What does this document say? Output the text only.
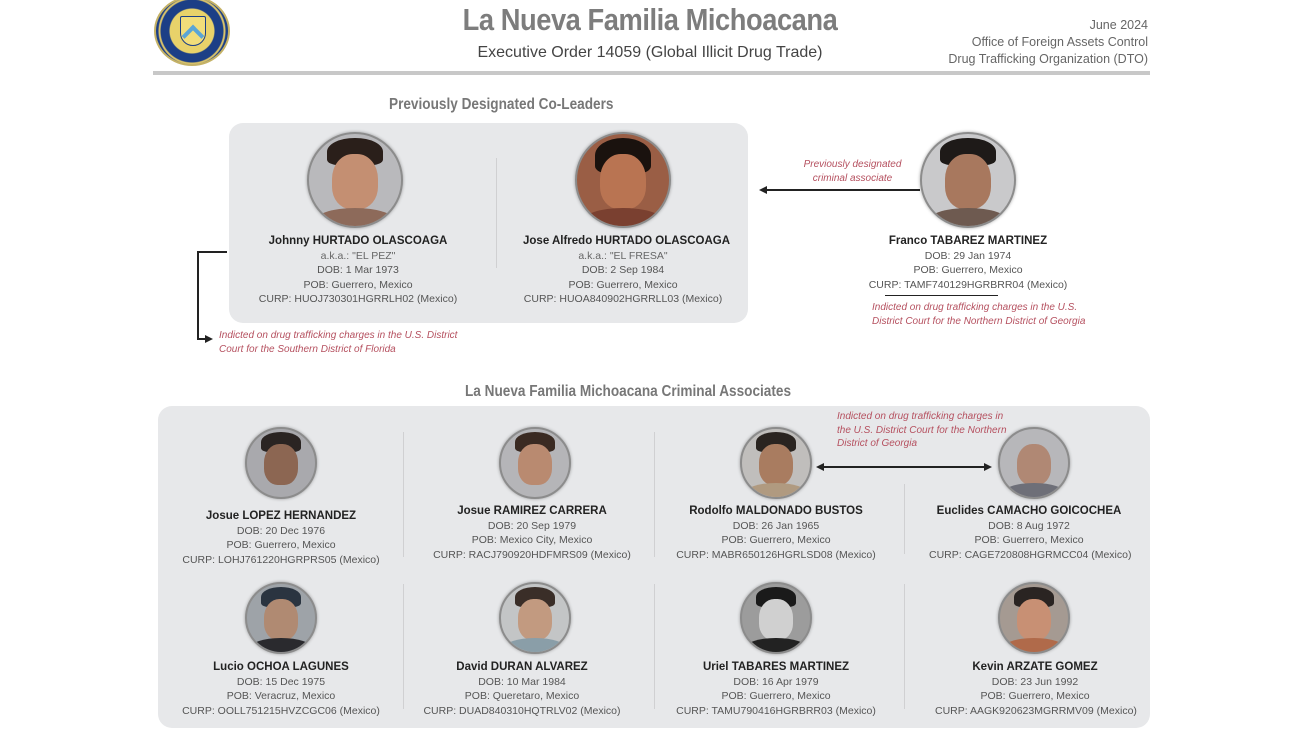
La Nueva Familia Michoacana
Executive Order 14059 (Global Illicit Drug Trade)
June 2024
Office of Foreign Assets Control
Drug Trafficking Organization (DTO)
Previously Designated Co-Leaders
Johnny HURTADO OLASCOAGA
a.k.a.: "EL PEZ"
DOB: 1 Mar 1973
POB: Guerrero, Mexico
CURP: HUOJ730301HGRRLH02 (Mexico)
Jose Alfredo HURTADO OLASCOAGA
a.k.a.: "EL FRESA"
DOB: 2 Sep 1984
POB: Guerrero, Mexico
CURP: HUOA840902HGRRLL03 (Mexico)
Indicted on drug trafficking charges in the U.S. District Court for the Southern District of Florida
Previously designated criminal associate
Franco TABAREZ MARTINEZ
DOB: 29 Jan 1974
POB: Guerrero, Mexico
CURP: TAMF740129HGRBRR04 (Mexico)
Indicted on drug trafficking charges in the U.S. District Court for the Northern District of Georgia
La Nueva Familia Michoacana Criminal Associates
Indicted on drug trafficking charges in the U.S. District Court for the Northern District of Georgia
Josue LOPEZ HERNANDEZ
DOB: 20 Dec 1976
POB: Guerrero, Mexico
CURP: LOHJ761220HGRPRS05 (Mexico)
Josue RAMIREZ CARRERA
DOB: 20 Sep 1979
POB: Mexico City, Mexico
CURP: RACJ790920HDFMRS09 (Mexico)
Rodolfo MALDONADO BUSTOS
DOB: 26 Jan 1965
POB: Guerrero, Mexico
CURP: MABR650126HGRLSD08 (Mexico)
Euclides CAMACHO GOICOCHEA
DOB: 8 Aug 1972
POB: Guerrero, Mexico
CURP: CAGE720808HGRMCC04 (Mexico)
Lucio OCHOA LAGUNES
DOB: 15 Dec 1975
POB: Veracruz, Mexico
CURP: OOLL751215HVZCGC06 (Mexico)
David DURAN ALVAREZ
DOB: 10 Mar 1984
POB: Queretaro, Mexico
CURP: DUAD840310HQTRLV02 (Mexico)
Uriel TABARES MARTINEZ
DOB: 16 Apr 1979
POB: Guerrero, Mexico
CURP: TAMU790416HGRBRR03 (Mexico)
Kevin ARZATE GOMEZ
DOB: 23 Jun 1992
POB: Guerrero, Mexico
CURP: AAGK920623MGRRMV09 (Mexico)
